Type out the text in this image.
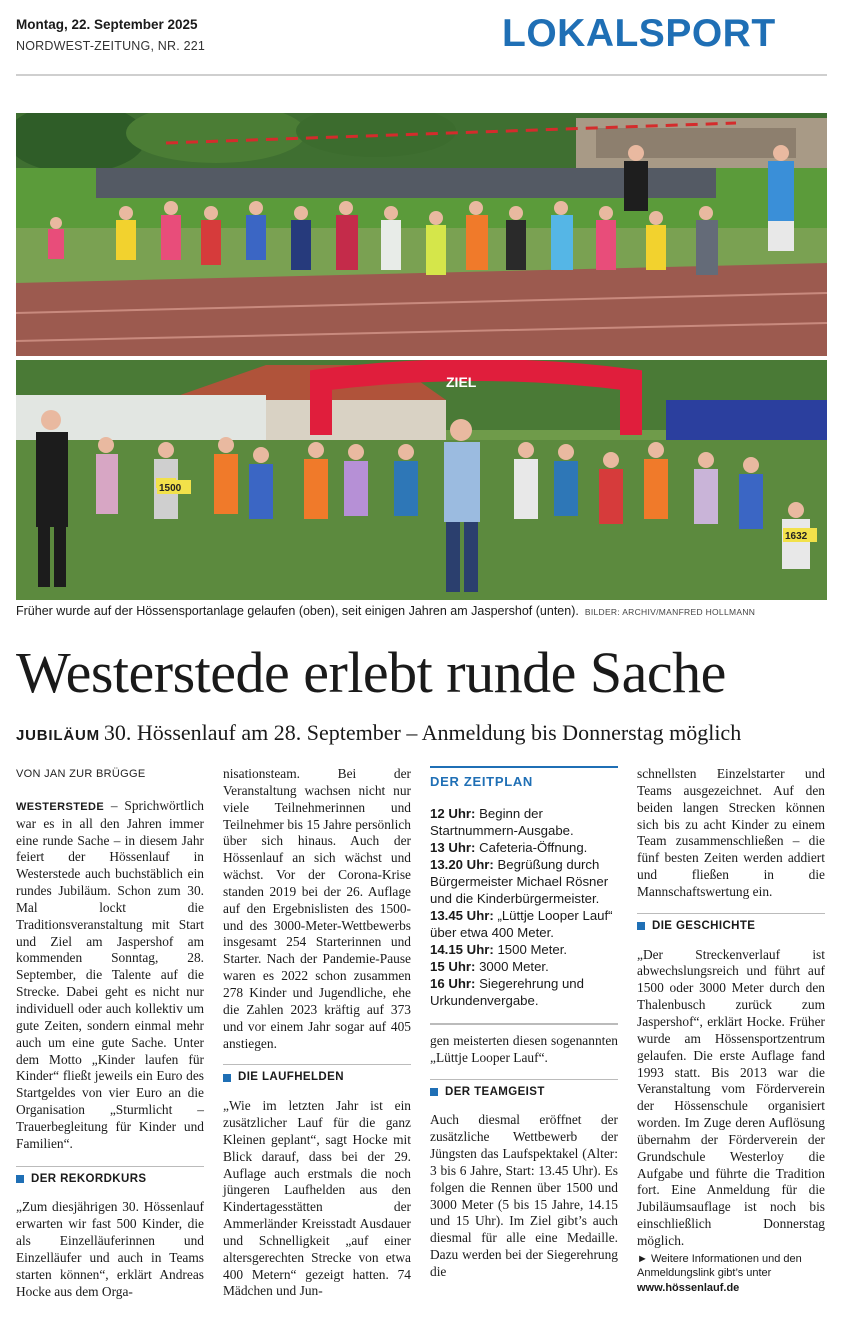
Montag, 22. September 2025
NORDWEST-ZEITUNG, NR. 221	LOKALSPORT
ZIEL
1500
1632
Früher wurde auf der Hössensportanlage gelaufen (oben), seit einigen Jahren am Jaspershof (unten). BILDER: ARCHIV/MANFRED HOLLMANN
Westerstede erlebt runde Sache
JUBILÄUM 30. Hössenlauf am 28. September – Anmeldung bis Donnerstag möglich
VON JAN ZUR BRÜGGE

WESTERSTEDE – Sprichwörtlich war es in all den Jahren immer eine runde Sache – in diesem Jahr feiert der Hössenlauf in Westerstede auch buchstäblich ein rundes Jubiläum. Schon zum 30. Mal lockt die Traditionsveranstaltung mit Start und Ziel am Jaspershof am kommenden Sonntag, 28. September, die Talente auf die Strecke. Dabei geht es nicht nur individuell oder auch kollektiv um gute Zeiten, sondern einmal mehr auch um eine gute Sache. Unter dem Motto „Kinder laufen für Kinder“ fließt jeweils ein Euro des Startgeldes von vier Euro an die Organisation „Sturmlicht – Trauerbegleitung für Kinder und Familien“.

DER REKORDKURS

„Zum diesjährigen 30. Hössenlauf erwarten wir fast 500 Kinder, die als Einzelläuferinnen und Einzelläufer und auch in Teams starten können“, erklärt Andreas Hocke aus dem Orga-

nisationsteam. Bei der Veranstaltung wachsen nicht nur viele Teilnehmerinnen und Teilnehmer bis 15 Jahre persönlich über sich hinaus. Auch der Hössenlauf an sich wächst und wächst. Vor der Corona-Krise standen 2019 bei der 26. Auflage auf den Ergebnislisten des 1500- und des 3000-Meter-Wettbewerbs insgesamt 254 Starterinnen und Starter. Nach der Pandemie-Pause waren es 2022 schon zusammen 278 Kinder und Jugendliche, ehe die Zahlen 2023 kräftig auf 373 und vor einem Jahr sogar auf 405 anstiegen.

DIE LAUFHELDEN

„Wie im letzten Jahr ist ein zusätzlicher Lauf für die ganz Kleinen geplant“, sagt Hocke mit Blick darauf, dass bei der 29. Auflage auch erstmals die noch jüngeren Laufhelden aus den Kindertagesstätten der Ammerländer Kreisstadt Ausdauer und Schnelligkeit „auf einer altersgerechten Strecke von etwa 400 Metern“ gezeigt hatten. 74 Mädchen und Jun-

DER ZEITPLAN
12 Uhr: Beginn der Startnummern-Ausgabe.
13 Uhr: Cafeteria-Öffnung.
13.20 Uhr: Begrüßung durch Bürgermeister Michael Rösner und die Kinderbürgermeister.
13.45 Uhr: „Lüttje Looper Lauf“ über etwa 400 Meter.
14.15 Uhr: 1500 Meter.
15 Uhr: 3000 Meter.
16 Uhr: Siegerehrung und Urkundenvergabe.

gen meisterten diesen sogenannten „Lüttje Looper Lauf“.

DER TEAMGEIST

Auch diesmal eröffnet der zusätzliche Wettbewerb der Jüngsten das Laufspektakel (Alter: 3 bis 6 Jahre, Start: 13.45 Uhr). Es folgen die Rennen über 1500 und 3000 Meter (5 bis 15 Jahre, 14.15 und 15 Uhr). Im Ziel gibt’s auch diesmal für alle eine Medaille. Dazu werden bei der Siegerehrung die

schnellsten Einzelstarter und Teams ausgezeichnet. Auf den beiden langen Strecken können sich bis zu acht Kinder zu einem Team zusammenschließen – die fünf besten Zeiten werden addiert und fließen in die Mannschaftswertung ein.

DIE GESCHICHTE

„Der Streckenverlauf ist abwechslungsreich und führt auf 1500 oder 3000 Meter durch den Thalenbusch zurück zum Jaspershof“, erklärt Hocke. Früher wurde am Hössensportzentrum gelaufen. Die erste Auflage fand 1993 statt. Bis 2013 war die Veranstaltung vom Förderverein der Hössenschule organisiert worden. Im Zuge deren Auflösung übernahm der Förderverein der Grundschule Westerloy die Aufgabe und führte die Tradition fort. Eine Anmeldung für die Jubiläumsauflage ist noch bis einschließlich Donnerstag möglich.

► Weitere Informationen und den Anmeldungslink gibt’s unter
www.hössenlauf.de
